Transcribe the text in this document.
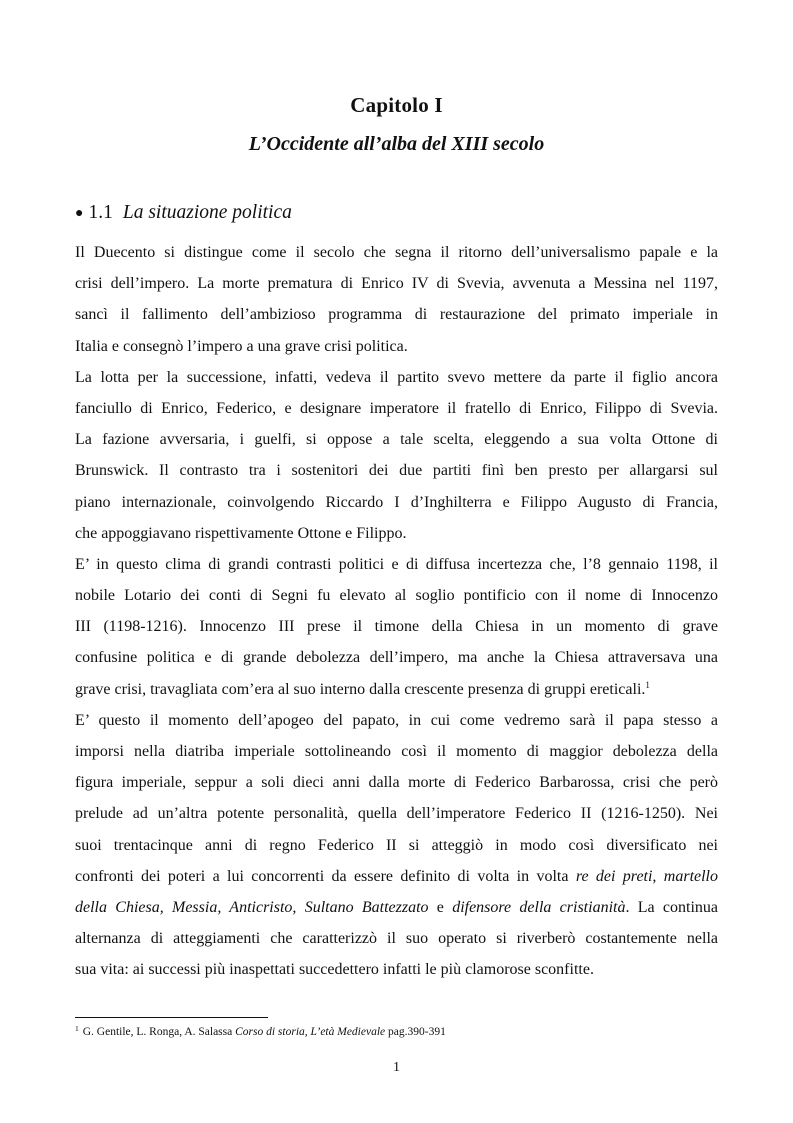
Capitolo I
L’Occidente all’alba del XIII secolo
● 1.1 La situazione politica
Il Duecento si distingue come il secolo che segna il ritorno dell’universalismo papale e la
crisi dell’impero. La morte prematura di Enrico IV di Svevia, avvenuta a Messina nel 1197,
sancì il fallimento dell’ambizioso programma di restaurazione del primato imperiale in
Italia e consegnò l’impero a una grave crisi politica.
La lotta per la successione, infatti, vedeva il partito svevo mettere da parte il figlio ancora
fanciullo di Enrico, Federico, e designare imperatore il fratello di Enrico, Filippo di Svevia.
La fazione avversaria, i guelfi, si oppose a tale scelta, eleggendo a sua volta Ottone di
Brunswick. Il contrasto tra i sostenitori dei due partiti finì ben presto per allargarsi sul
piano internazionale, coinvolgendo Riccardo I d’Inghilterra e Filippo Augusto di Francia,
che appoggiavano rispettivamente Ottone e Filippo.
E’ in questo clima di grandi contrasti politici e di diffusa incertezza che, l’8 gennaio 1198, il
nobile Lotario dei conti di Segni fu elevato al soglio pontificio con il nome di Innocenzo
III (1198-1216). Innocenzo III prese il timone della Chiesa in un momento di grave
confusine politica e di grande debolezza dell’impero, ma anche la Chiesa attraversava una
grave crisi, travagliata com’era al suo interno dalla crescente presenza di gruppi ereticali.$^1$
E’ questo il momento dell’apogeo del papato, in cui come vedremo sarà il papa stesso a
imporsi nella diatriba imperiale sottolineando così il momento di maggior debolezza della
figura imperiale, seppur a soli dieci anni dalla morte di Federico Barbarossa, crisi che però
prelude ad un’altra potente personalità, quella dell’imperatore Federico II (1216-1250). Nei
suoi trentacinque anni di regno Federico II si atteggiò in modo così diversificato nei
confronti dei poteri a lui concorrenti da essere definito di volta in volta re dei preti, martello
della Chiesa, Messia, Anticristo, Sultano Battezzato e difensore della cristianità. La continua
alternanza di atteggiamenti che caratterizzò il suo operato si riverberò costantemente nella
sua vita: ai successi più inaspettati succedettero infatti le più clamorose sconfitte.
$^1$ G. Gentile, L. Ronga, A. Salassa Corso di storia, L’età Medievale pag.390-391
1
